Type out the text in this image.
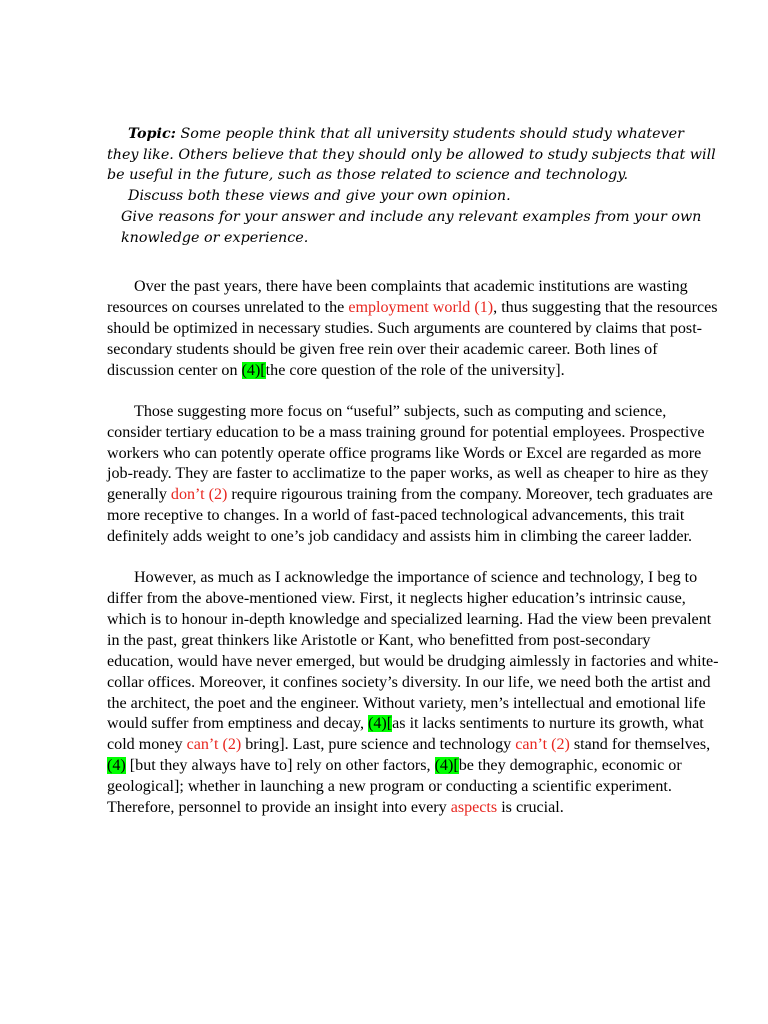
Topic: Some people think that all university students should study whatever they like. Others believe that they should only be allowed to study subjects that will be useful in the future, such as those related to science and technology.
Discuss both these views and give your own opinion.
Give reasons for your answer and include any relevant examples from your own knowledge or experience.

Over the past years, there have been complaints that academic institutions are wasting resources on courses unrelated to the employment world (1), thus suggesting that the resources should be optimized in necessary studies. Such arguments are countered by claims that post-secondary students should be given free rein over their academic career. Both lines of discussion center on (4)[the core question of the role of the university].

Those suggesting more focus on “useful” subjects, such as computing and science, consider tertiary education to be a mass training ground for potential employees. Prospective workers who can potently operate office programs like Words or Excel are regarded as more job-ready. They are faster to acclimatize to the paper works, as well as cheaper to hire as they generally don’t (2) require rigourous training from the company. Moreover, tech graduates are more receptive to changes. In a world of fast-paced technological advancements, this trait definitely adds weight to one’s job candidacy and assists him in climbing the career ladder.

However, as much as I acknowledge the importance of science and technology, I beg to differ from the above-mentioned view. First, it neglects higher education’s intrinsic cause, which is to honour in-depth knowledge and specialized learning. Had the view been prevalent in the past, great thinkers like Aristotle or Kant, who benefitted from post-secondary education, would have never emerged, but would be drudging aimlessly in factories and white-collar offices. Moreover, it confines society’s diversity. In our life, we need both the artist and the architect, the poet and the engineer. Without variety, men’s intellectual and emotional life would suffer from emptiness and decay, (4)[as it lacks sentiments to nurture its growth, what cold money can’t (2) bring]. Last, pure science and technology can’t (2) stand for themselves, (4) [but they always have to] rely on other factors, (4)[be they demographic, economic or geological]; whether in launching a new program or conducting a scientific experiment. Therefore, personnel to provide an insight into every aspects is crucial.
